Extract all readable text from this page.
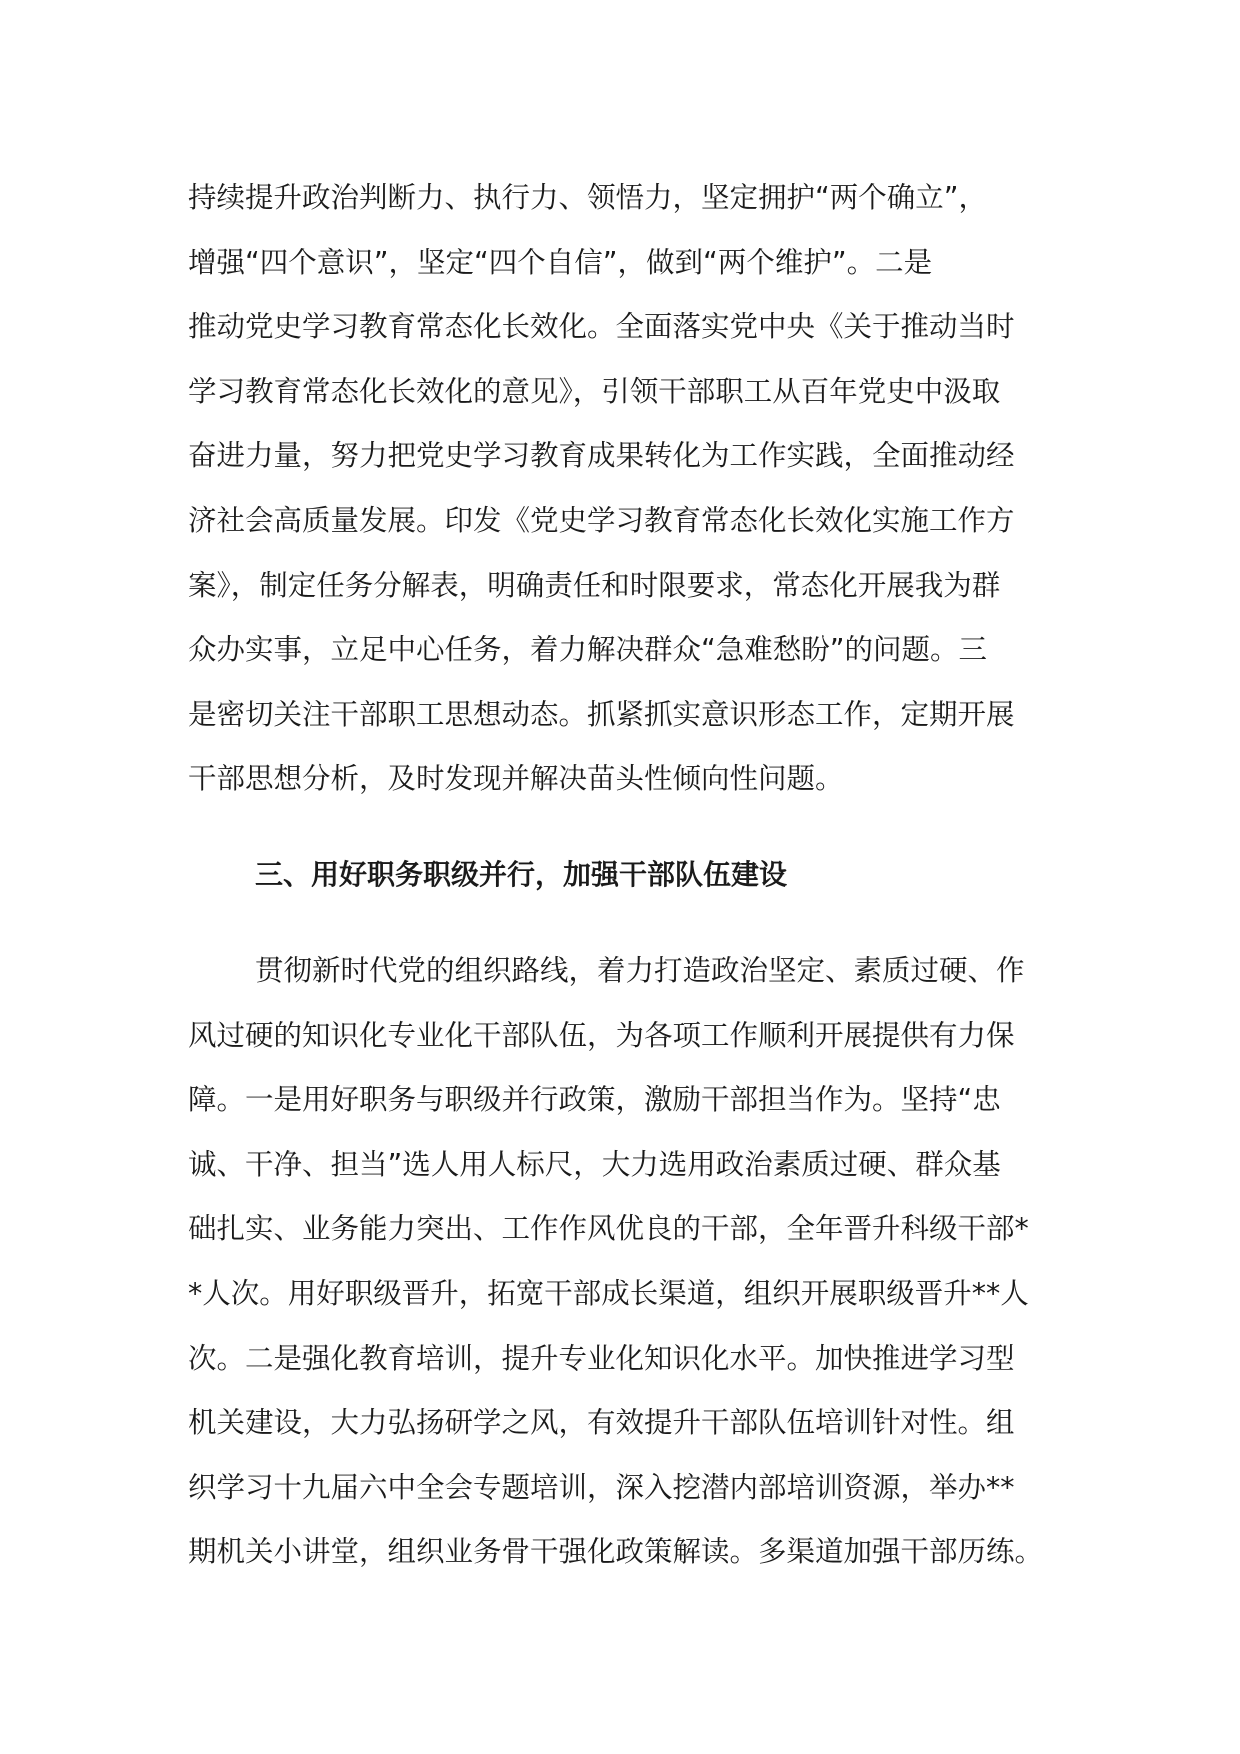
持续提升政治判断力、执行力、领悟力，坚定拥护“两个确立”，
增强“四个意识”，坚定“四个自信”，做到“两个维护”。二是
推动党史学习教育常态化长效化。全面落实党中央《关于推动当时
学习教育常态化长效化的意见》，引领干部职工从百年党史中汲取
奋进力量，努力把党史学习教育成果转化为工作实践，全面推动经
济社会高质量发展。印发《党史学习教育常态化长效化实施工作方
案》，制定任务分解表，明确责任和时限要求，常态化开展我为群
众办实事，立足中心任务，着力解决群众“急难愁盼”的问题。三
是密切关注干部职工思想动态。抓紧抓实意识形态工作，定期开展
干部思想分析，及时发现并解决苗头性倾向性问题。
三、用好职务职级并行，加强干部队伍建设
贯彻新时代党的组织路线，着力打造政治坚定、素质过硬、作
风过硬的知识化专业化干部队伍，为各项工作顺利开展提供有力保
障。一是用好职务与职级并行政策，激励干部担当作为。坚持“忠
诚、干净、担当”选人用人标尺，大力选用政治素质过硬、群众基
础扎实、业务能力突出、工作作风优良的干部，全年晋升科级干部*
*人次。用好职级晋升，拓宽干部成长渠道，组织开展职级晋升**人
次。二是强化教育培训，提升专业化知识化水平。加快推进学习型
机关建设，大力弘扬研学之风，有效提升干部队伍培训针对性。组
织学习十九届六中全会专题培训，深入挖潜内部培训资源，举办**
期机关小讲堂，组织业务骨干强化政策解读。多渠道加强干部历练。
